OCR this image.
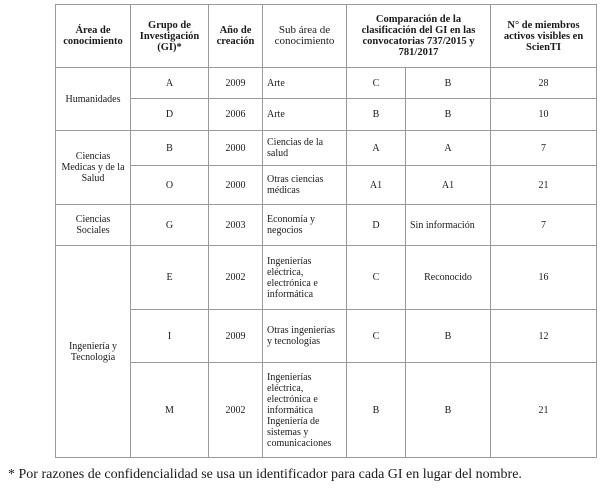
Área de conocimiento	Grupo de Investigación (GI)*	Año de creación	Sub área de conocimiento	Comparación de la clasificación del GI en las convocatorias 737/2015 y 781/2017		N° de miembros activos visibles en ScienTI
Humanidades	A	2009	Arte	C	B	28
	D	2006	Arte	B	B	10
Ciencias Medicas y de la Salud	B	2000	Ciencias de la salud	A	A	7
	O	2000	Otras ciencias médicas	A1	A1	21
Ciencias Sociales	G	2003	Economía y negocios	D	Sin información	7
Ingeniería y Tecnología	E	2002	Ingenierías eléctrica, electrónica e informática	C	Reconocido	16
	I	2009	Otras ingenierías y tecnologías	C	B	12
	M	2002	Ingenierías eléctrica, electrónica e informática Ingeniería de sistemas y comunicaciones	B	B	21
* Por razones de confidencialidad se usa un identificador para cada GI en lugar del nombre.
